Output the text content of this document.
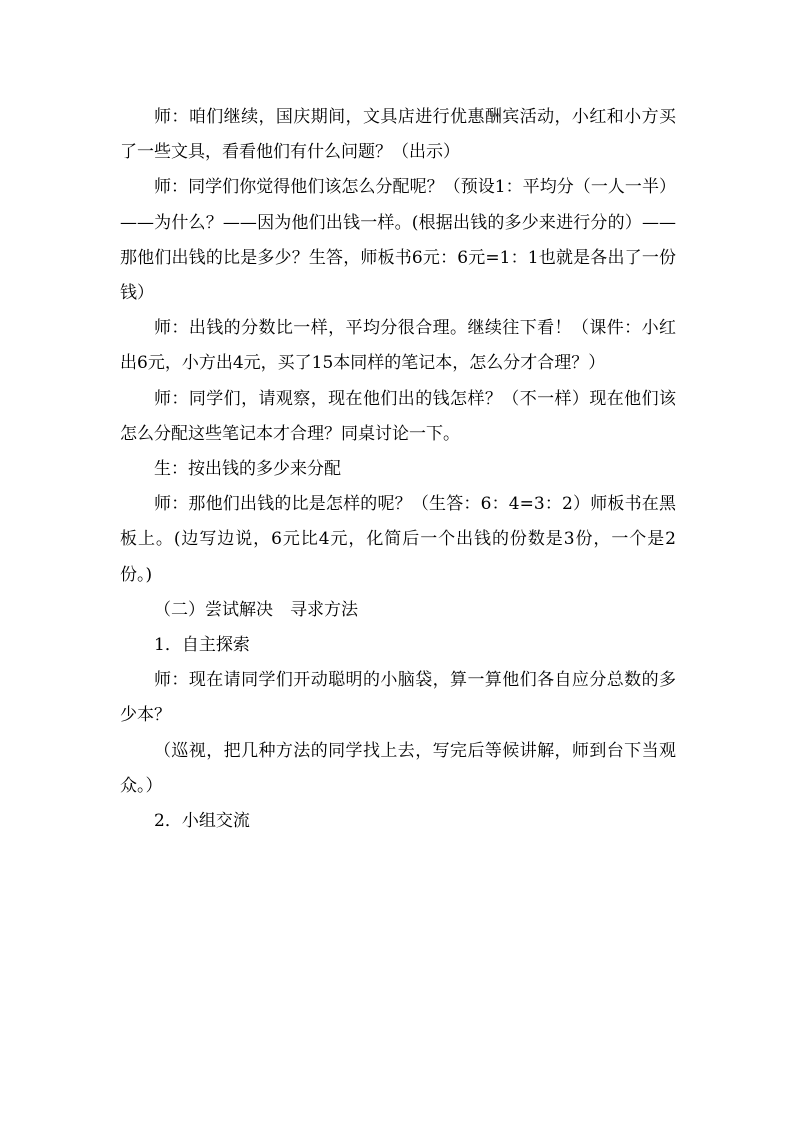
师：咱们继续，国庆期间，文具店进行优惠酬宾活动，小红和小方买了一些文具，看看他们有什么问题？（出示）

师：同学们你觉得他们该怎么分配呢？（预设1：平均分（一人一半）——为什么？——因为他们出钱一样。(根据出钱的多少来进行分的）——那他们出钱的比是多少？生答，师板书6元：6元=1：1也就是各出了一份钱）

师：出钱的分数比一样，平均分很合理。继续往下看！（课件：小红出6元，小方出4元，买了15本同样的笔记本，怎么分才合理？）

师：同学们，请观察，现在他们出的钱怎样？（不一样）现在他们该怎么分配这些笔记本才合理？同桌讨论一下。

生：按出钱的多少来分配

师：那他们出钱的比是怎样的呢？（生答：6：4=3：2）师板书在黑板上。(边写边说，6元比4元，化简后一个出钱的份数是3份，一个是2份。)

（二）尝试解决　寻求方法

1．自主探索

师：现在请同学们开动聪明的小脑袋，算一算他们各自应分总数的多少本？

（巡视，把几种方法的同学找上去，写完后等候讲解，师到台下当观众。）

2．小组交流
